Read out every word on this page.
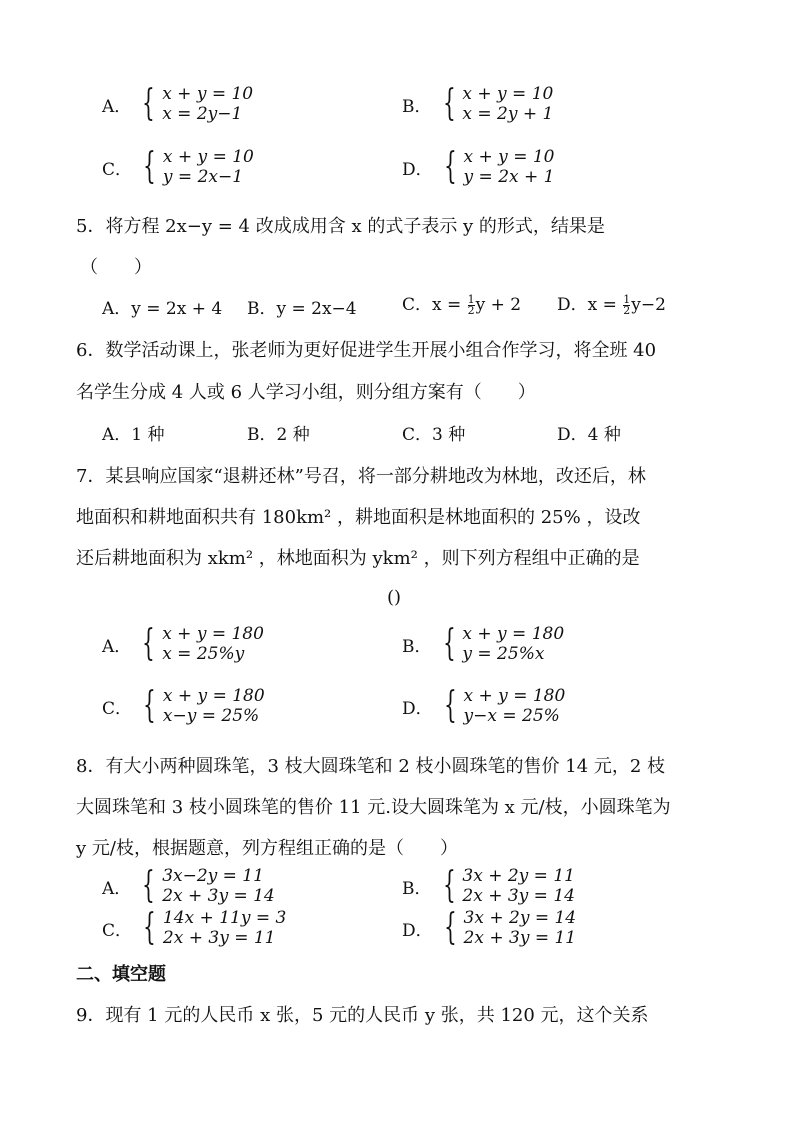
A． { x + y = 10
x = 2y−1	B． { x + y = 10
x = 2y + 1
C． { x + y = 10
y = 2x−1	D． { x + y = 10
y = 2x + 1
5．将方程 2x−y = 4 改成成用含 x 的式子表示 y 的形式，结果是
（　　）
A．y = 2x + 4 B．y = 2x−4	C．$x = \frac{1}{2}$ y + 2 D．$x = \frac{1}{2} y-2$
6．数学活动课上，张老师为更好促进学生开展小组合作学习，将全班 40
名学生分成 4 人或 6 人学习小组，则分组方案有（　　）
A．1 种	B．2 种	C．3 种	D．4 种
7．某县响应国家“退耕还林”号召，将一部分耕地改为林地，改还后，林
地面积和耕地面积共有 180km² ，耕地面积是林地面积的 25% ，设改
还后耕地面积为 xkm² ，林地面积为 ykm² ，则下列方程组中正确的是
()
A． { x + y = 180
x = 25%y	B． { x + y = 180
y = 25%x
C． { x + y = 180
x−y = 25%	D． { x + y = 180
y−x = 25%
8．有大小两种圆珠笔，3 枝大圆珠笔和 2 枝小圆珠笔的售价 14 元，2 枝
大圆珠笔和 3 枝小圆珠笔的售价 11 元.设大圆珠笔为 x 元/枝，小圆珠笔为
y 元/枝，根据题意，列方程组正确的是（　　）
A． { 3x−2y = 11
2x + 3y = 14	B． { 3x + 2y = 11
2x + 3y = 14
C． { 14x + 11y = 3
2x + 3y = 11	D． { 3x + 2y = 14
2x + 3y = 11
二、填空题
9．现有 1 元的人民币 x 张，5 元的人民币 y 张，共 120 元，这个关系
